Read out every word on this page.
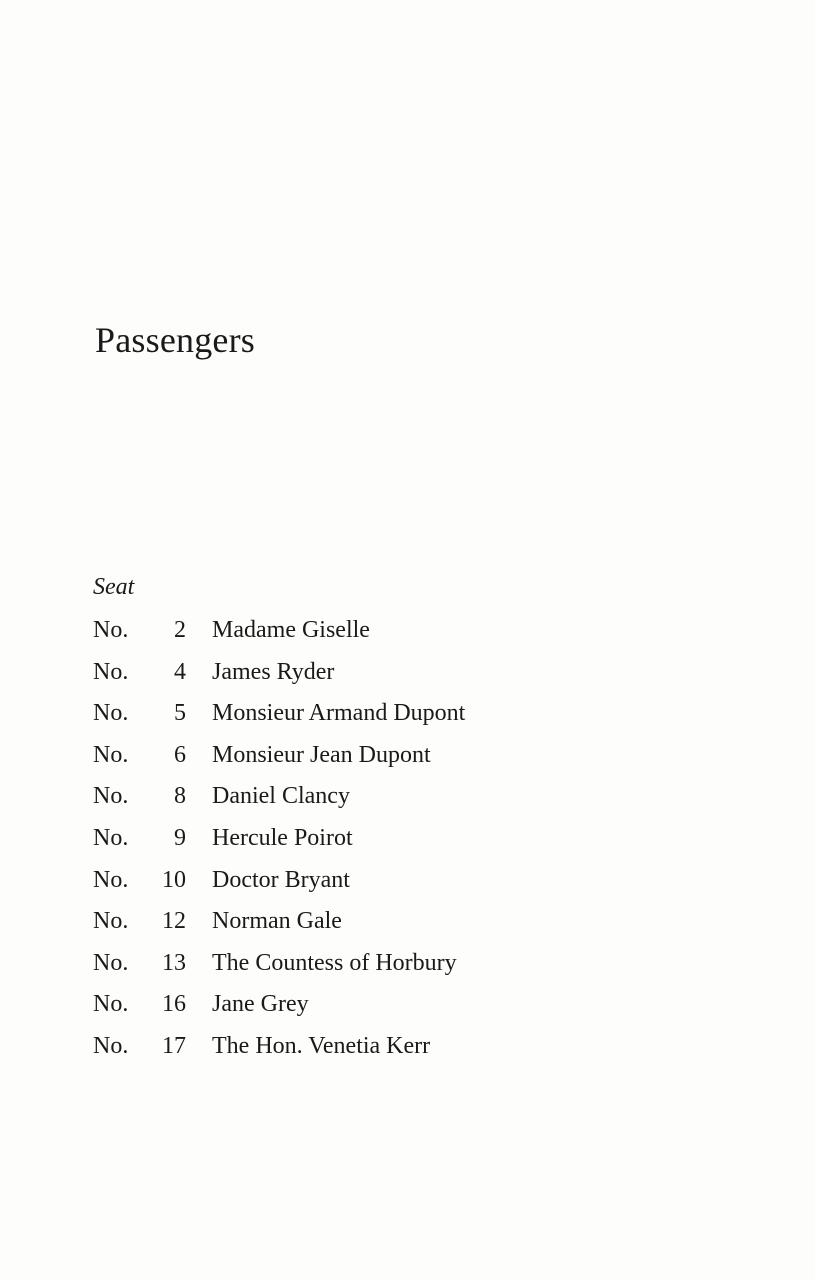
Passengers

Seat

No.	2 Madame Giselle
No.	4 James Ryder
No.	5 Monsieur Armand Dupont
No.	6 Monsieur Jean Dupont
No.	8 Daniel Clancy
No.	9 Hercule Poirot
No.	10 Doctor Bryant
No.	12 Norman Gale
No.	13 The Countess of Horbury
No.	16 Jane Grey
No.	17 The Hon. Venetia Kerr
